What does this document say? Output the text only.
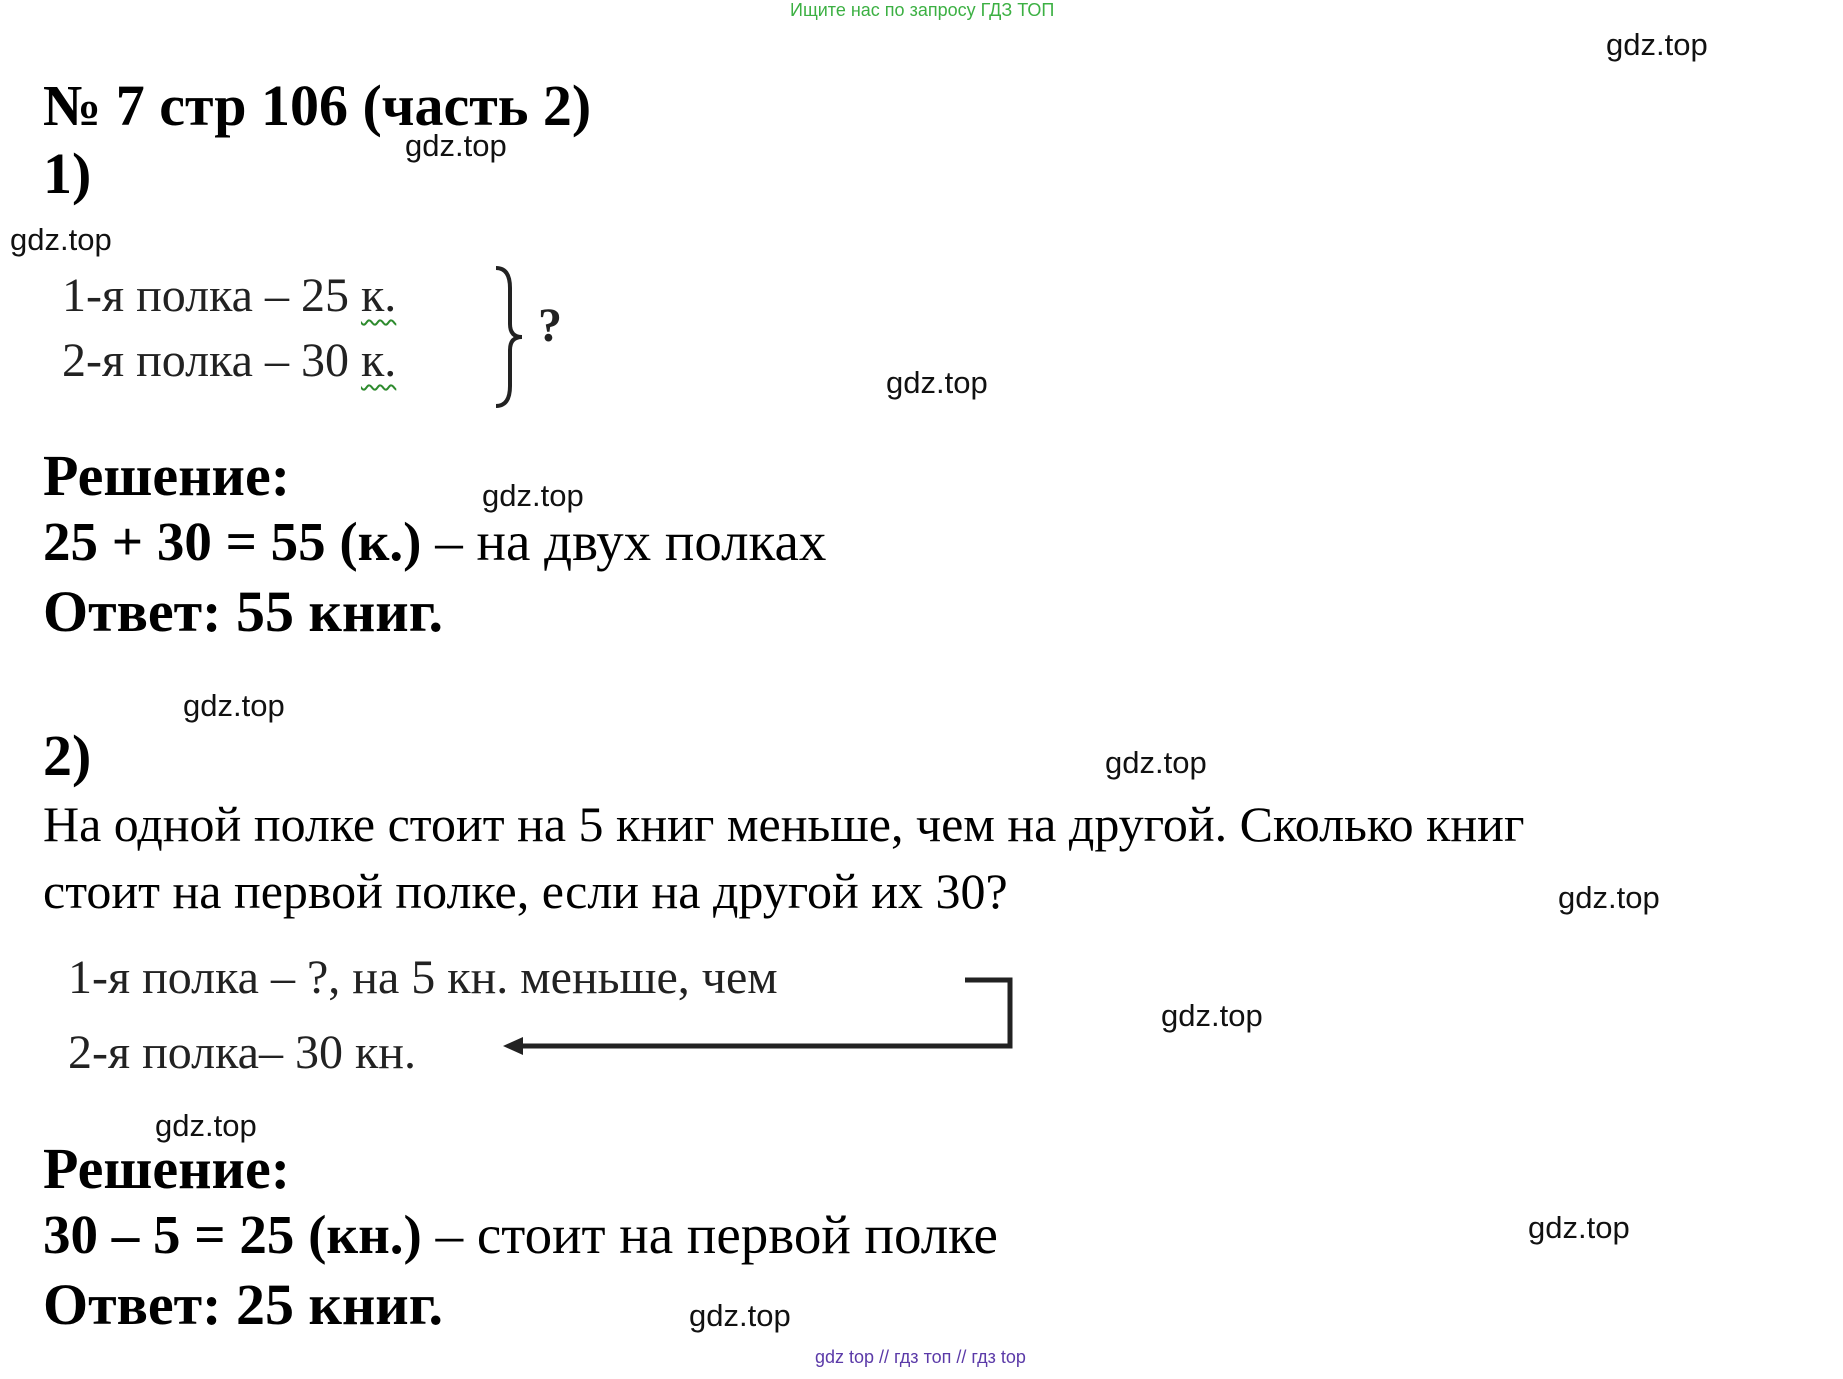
Ищите нас по запросу ГДЗ ТОП
№ 7 стр 106 (часть 2)
1)
1-я полка – 25 к.
2-я полка – 30 к.
?
Решение:
25 + 30 = 55 (к.) – на двух полках
Ответ: 55 книг.
2)
На одной полке стоит на 5 книг меньше, чем на другой. Сколько книг
стоит на первой полке, если на другой их 30?
1-я полка – ?, на 5 кн. меньше, чем
2-я полка– 30 кн.
Решение:
30 – 5 = 25 (кн.) – стоит на первой полке
Ответ: 25 книг.
gdz.top
gdz.top
gdz.top
gdz.top
gdz.top
gdz.top
gdz.top
gdz.top
gdz.top
gdz.top
gdz.top
gdz.top
gdz top // гдз топ // гдз top
